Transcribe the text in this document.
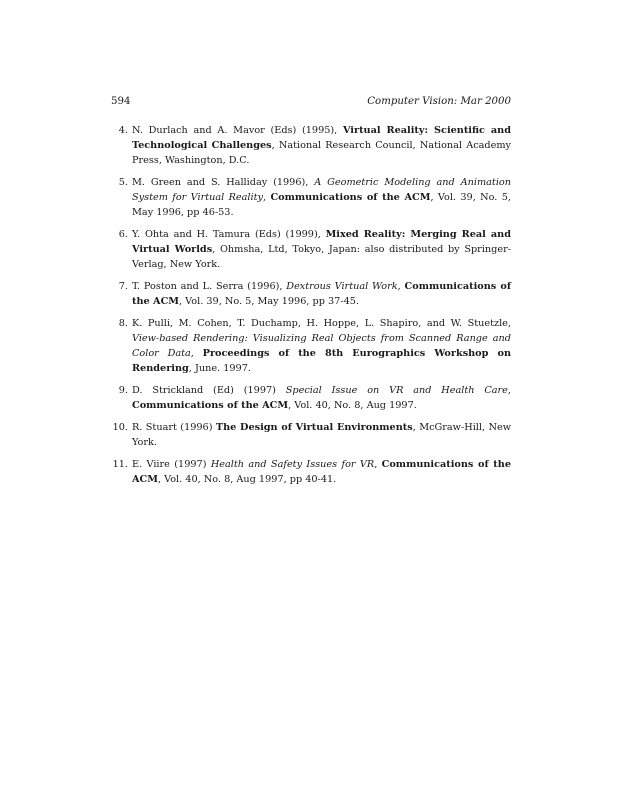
594	Computer Vision: Mar 2000
4. N. Durlach and A. Mavor (Eds) (1995), Virtual Reality: Scientific and Technological Challenges, National Research Council, National Academy Press, Washington, D.C.
5. M. Green and S. Halliday (1996), A Geometric Modeling and Animation System for Virtual Reality, Communications of the ACM, Vol. 39, No. 5, May 1996, pp 46-53.
6. Y. Ohta and H. Tamura (Eds) (1999), Mixed Reality: Merging Real and Virtual Worlds, Ohmsha, Ltd, Tokyo, Japan: also distributed by Springer-Verlag, New York.
7. T. Poston and L. Serra (1996), Dextrous Virtual Work, Communications of the ACM, Vol. 39, No. 5, May 1996, pp 37-45.
8. K. Pulli, M. Cohen, T. Duchamp, H. Hoppe, L. Shapiro, and W. Stuetzle, View-based Rendering: Visualizing Real Objects from Scanned Range and Color Data, Proceedings of the 8th Eurographics Workshop on Rendering, June. 1997.
9. D. Strickland (Ed) (1997) Special Issue on VR and Health Care, Communications of the ACM, Vol. 40, No. 8, Aug 1997.
10. R. Stuart (1996) The Design of Virtual Environments, McGraw-Hill, New York.
11. E. Viire (1997) Health and Safety Issues for VR, Communications of the ACM, Vol. 40, No. 8, Aug 1997, pp 40-41.
